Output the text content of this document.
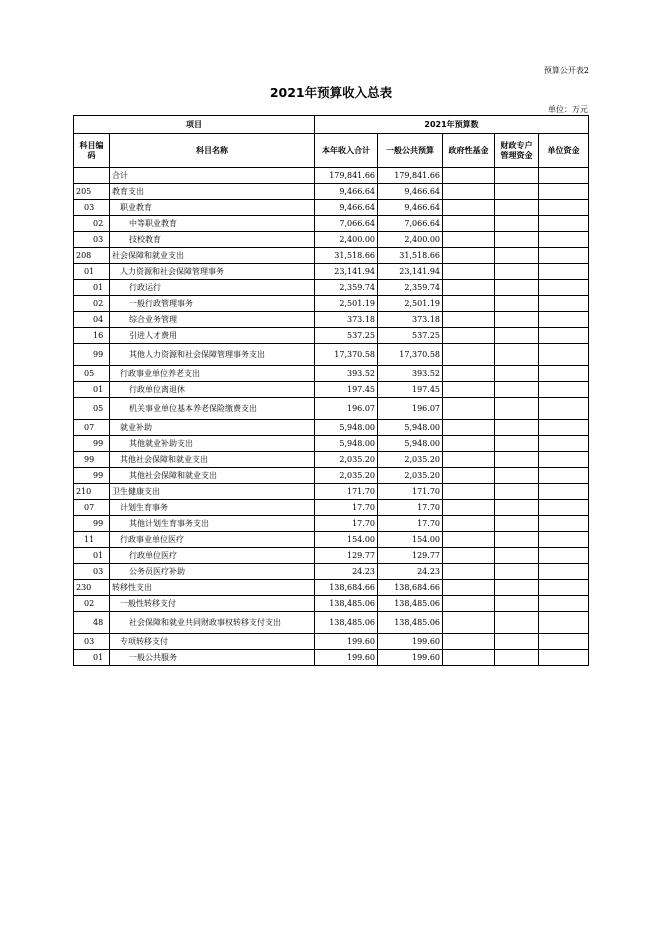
预算公开表2
2021年预算收入总表
单位：万元
项目		2021年预算数				
科目编码	科目名称	本年收入合计	一般公共预算	政府性基金	财政专户管理资金	单位资金
	合计	179,841.66	179,841.66			
205	教育支出	9,466.64	9,466.64			
03	职业教育	9,466.64	9,466.64			
02	中等职业教育	7,066.64	7,066.64			
03	技校教育	2,400.00	2,400.00			
208	社会保障和就业支出	31,518.66	31,518.66			
01	人力资源和社会保障管理事务	23,141.94	23,141.94			
01	行政运行	2,359.74	2,359.74			
02	一般行政管理事务	2,501.19	2,501.19			
04	综合业务管理	373.18	373.18			
16	引进人才费用	537.25	537.25			
99	其他人力资源和社会保障管理事务支出	17,370.58	17,370.58			
05	行政事业单位养老支出	393.52	393.52			
01	行政单位离退休	197.45	197.45			
05	机关事业单位基本养老保险缴费支出	196.07	196.07			
07	就业补助	5,948.00	5,948.00			
99	其他就业补助支出	5,948.00	5,948.00			
99	其他社会保障和就业支出	2,035.20	2,035.20			
99	其他社会保障和就业支出	2,035.20	2,035.20			
210	卫生健康支出	171.70	171.70			
07	计划生育事务	17.70	17.70			
99	其他计划生育事务支出	17.70	17.70			
11	行政事业单位医疗	154.00	154.00			
01	行政单位医疗	129.77	129.77			
03	公务员医疗补助	24.23	24.23			
230	转移性支出	138,684.66	138,684.66			
02	一般性转移支付	138,485.06	138,485.06			
48	社会保障和就业共同财政事权转移支付支出	138,485.06	138,485.06			
03	专项转移支付	199.60	199.60			
01	一般公共服务	199.60	199.60			
